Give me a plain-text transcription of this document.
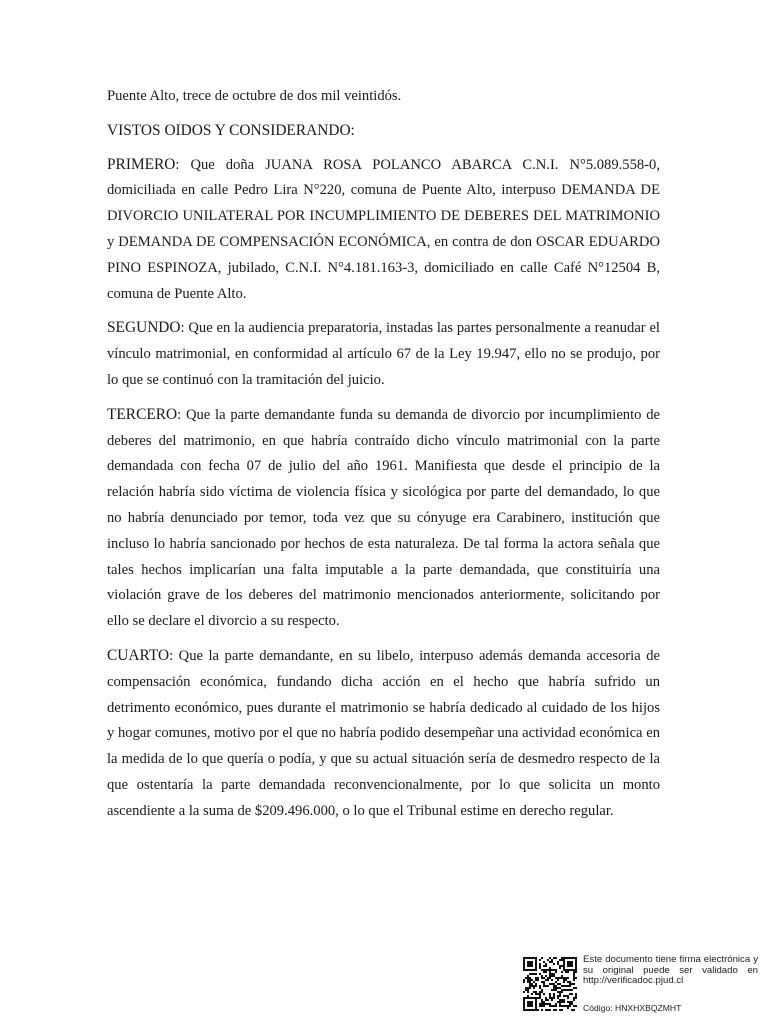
Puente Alto, trece de octubre de dos mil veintidós.

VISTOS OIDOS Y CONSIDERANDO:

PRIMERO: Que doña JUANA ROSA POLANCO ABARCA C.N.I. N°5.089.558-0, domiciliada en calle Pedro Lira N°220, comuna de Puente Alto, interpuso DEMANDA DE DIVORCIO UNILATERAL POR INCUMPLIMIENTO DE DEBERES DEL MATRIMONIO y DEMANDA DE COMPENSACIÓN ECONÓMICA, en contra de don OSCAR EDUARDO PINO ESPINOZA, jubilado, C.N.I. N°4.181.163-3, domiciliado en calle Café N°12504 B, comuna de Puente Alto.

SEGUNDO: Que en la audiencia preparatoria, instadas las partes personalmente a reanudar el vínculo matrimonial, en conformidad al artículo 67 de la Ley 19.947, ello no se produjo, por lo que se continuó con la tramitación del juicio.

TERCERO: Que la parte demandante funda su demanda de divorcio por incumplimiento de deberes del matrimonio, en que habría contraído dicho vínculo matrimonial con la parte demandada con fecha 07 de julio del año 1961. Manifiesta que desde el principio de la relación habría sido víctima de violencia física y sicológica por parte del demandado, lo que no habría denunciado por temor, toda vez que su cónyuge era Carabinero, institución que incluso lo habría sancionado por hechos de esta naturaleza. De tal forma la actora señala que tales hechos implicarían una falta imputable a la parte demandada, que constituiría una violación grave de los deberes del matrimonio mencionados anteriormente, solicitando por ello se declare el divorcio a su respecto.

CUARTO: Que la parte demandante, en su libelo, interpuso además demanda accesoria de compensación económica, fundando dicha acción en el hecho que habría sufrido un detrimento económico, pues durante el matrimonio se habría dedicado al cuidado de los hijos y hogar comunes, motivo por el que no habría podido desempeñar una actividad económica en la medida de lo que quería o podía, y que su actual situación sería de desmedro respecto de la que ostentaría la parte demandada reconvencionalmente, por lo que solicita un monto ascendiente a la suma de $209.496.000, o lo que el Tribunal estime en derecho regular.

Este documento tiene firma electrónica y su original puede ser validado en http://verificadoc.pjud.cl
Código: HNXHXBQZMHT
